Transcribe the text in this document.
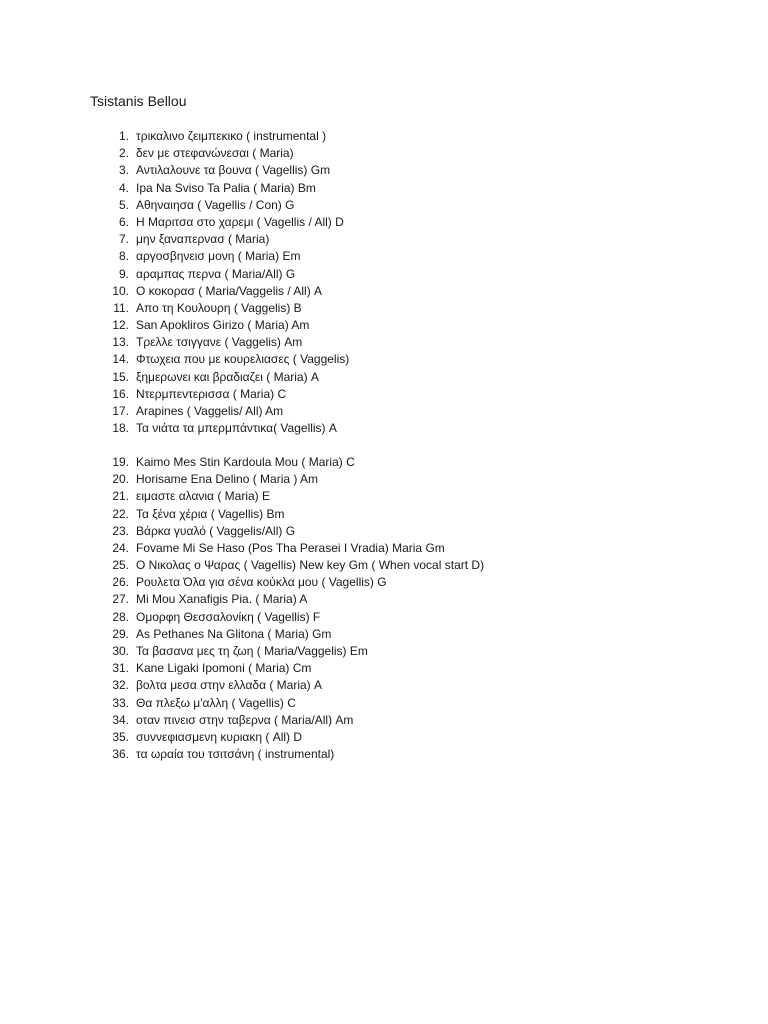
Tsistanis Bellou
1. τρικαλινο ζειμπεκικο ( instrumental )
2. δεν με στεφανώνεσαι ( Maria)
3. Αντιλαλουνε τα βουνα ( Vagellis) Gm
4. Ipa Na Sviso Ta Palia ( Maria) Bm
5. Αθηναιησα ( Vagellis / Con) G
6. Η Μαριτσα στο χαρεμι ( Vagellis / All) D
7. μην ξαναπερνασ ( Maria)
8. αργοσβηνεισ μονη ( Maria) Em
9. αραμπας περνα ( Maria/All) G
10. Ο κοκορασ ( Maria/Vaggelis / All) A
11. Απο τη Κουλουρη ( Vaggelis) B
12. San Apokliros Girizo ( Maria) Am
13. Τρελλε τσιγγανε ( Vaggelis) Am
14. Φτωχεια που με κουρελιασες ( Vaggelis)
15. ξημερωνει και βραδιαζει ( Maria) A
16. Ντερμπεντερισσα ( Maria) C
17. Arapines ( Vaggelis/ All) Am
18. Τα νιάτα τα μπερμπάντικα( Vagellis) A
19. Kaimo Mes Stin Kardoula Mou ( Maria) C
20. Horisame Ena Delino ( Maria ) Am
21. ειμαστε αλανια ( Maria) E
22. Τα ξένα χέρια ( Vagellis) Bm
23. Βάρκα γυαλό ( Vaggelis/All) G
24. Fovame Mi Se Haso (Pos Tha Perasei I Vradia) Maria Gm
25. Ο Νικολας ο Ψαρας ( Vagellis) New key Gm ( When vocal start D)
26. Ρουλετα Όλα για σένα κούκλα μου ( Vagellis) G
27. Mi Mou Xanafigis Pia. ( Maria) A
28. Ομορφη Θεσσαλονίκη ( Vagellis) F
29. As Pethanes Na Glitona ( Maria) Gm
30. Τα βασανα μες τη ζωη ( Maria/Vaggelis) Em
31. Kane Ligaki Ipomoni ( Maria) Cm
32. βολτα μεσα στην ελλαδα ( Maria) A
33. Θα πλεξω μ'αλλη ( Vagellis) C
34. οταν πινεισ στην ταβερνα ( Maria/All) Am
35. συννεφιασμενη κυριακη ( All) D
36. τα ωραία του τσιτσάνη ( instrumental)
